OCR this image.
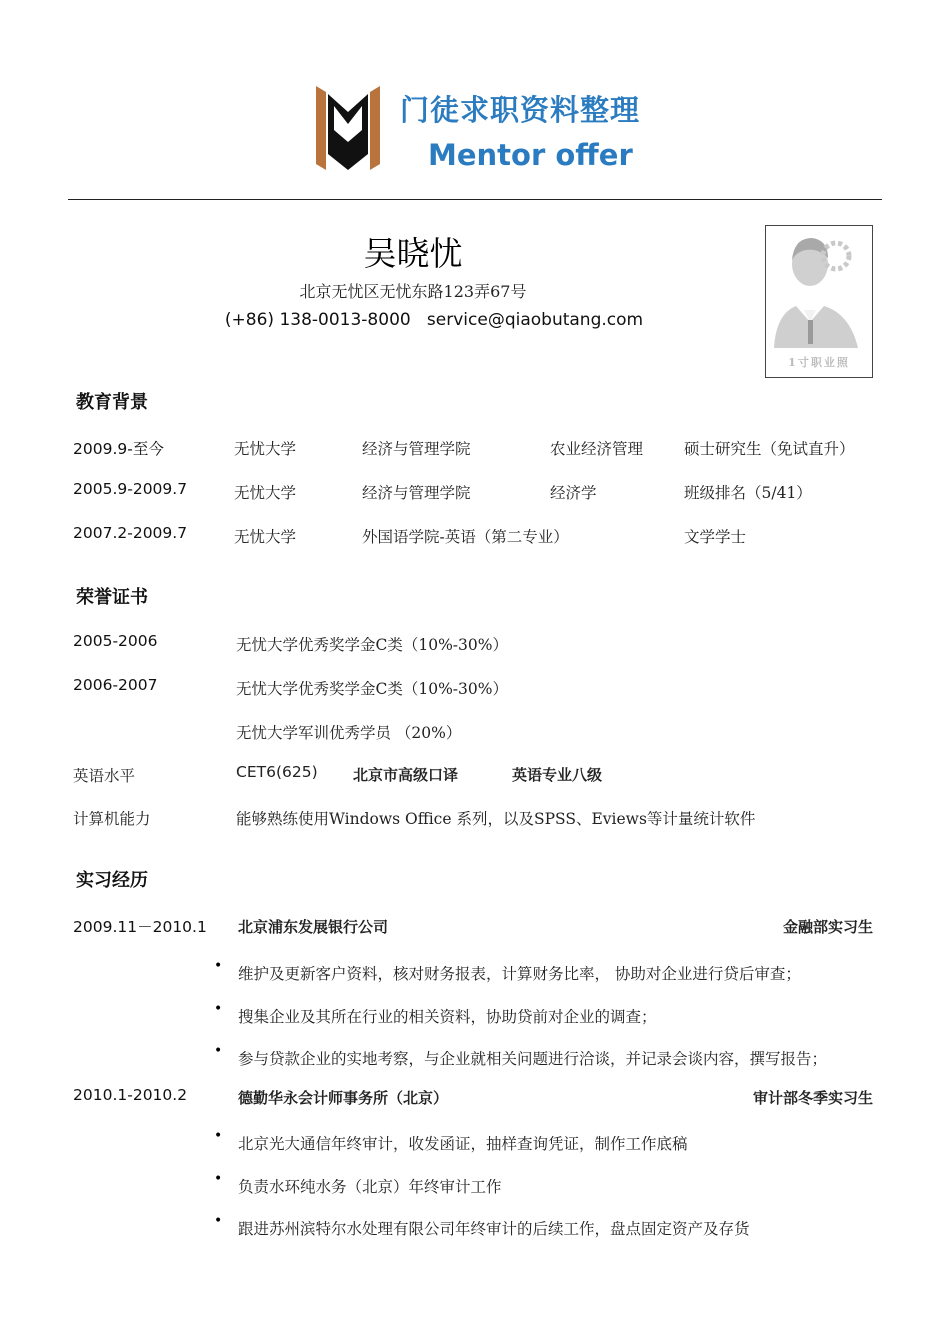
门徒求职资料整理
Mentor offer
吴晓忧
北京无忧区无忧东路123弄67号
(+86) 138-0013-8000 service@qiaobutang.com
1寸职业照
教育背景
2009.9-至今	无忧大学	经济与管理学院	农业经济管理	硕士研究生（免试直升）
2005.9-2009.7	无忧大学	经济与管理学院	经济学	班级排名（5/41）
2007.2-2009.7	无忧大学	外国语学院-英语（第二专业）	文学学士
荣誉证书
2005-2006	无忧大学优秀奖学金C类（10%-30%）
2006-2007	无忧大学优秀奖学金C类（10%-30%）
无忧大学军训优秀学员 （20%）
英语水平	CET6(625) 北京市高级口译	英语专业八级
计算机能力	能够熟练使用Windows Office 系列，以及SPSS、Eviews等计量统计软件
实习经历
2009.11－2010.1 北京浦东发展银行公司	金融部实习生
• 维护及更新客户资料，核对财务报表，计算财务比率， 协助对企业进行贷后审查；
• 搜集企业及其所在行业的相关资料，协助贷前对企业的调查；
• 参与贷款企业的实地考察，与企业就相关问题进行洽谈，并记录会谈内容，撰写报告；
2010.1-2010.2	德勤华永会计师事务所（北京）	审计部冬季实习生
• 北京光大通信年终审计，收发函证，抽样查询凭证，制作工作底稿
• 负责水环纯水务（北京）年终审计工作
• 跟进苏州滨特尔水处理有限公司年终审计的后续工作，盘点固定资产及存货
